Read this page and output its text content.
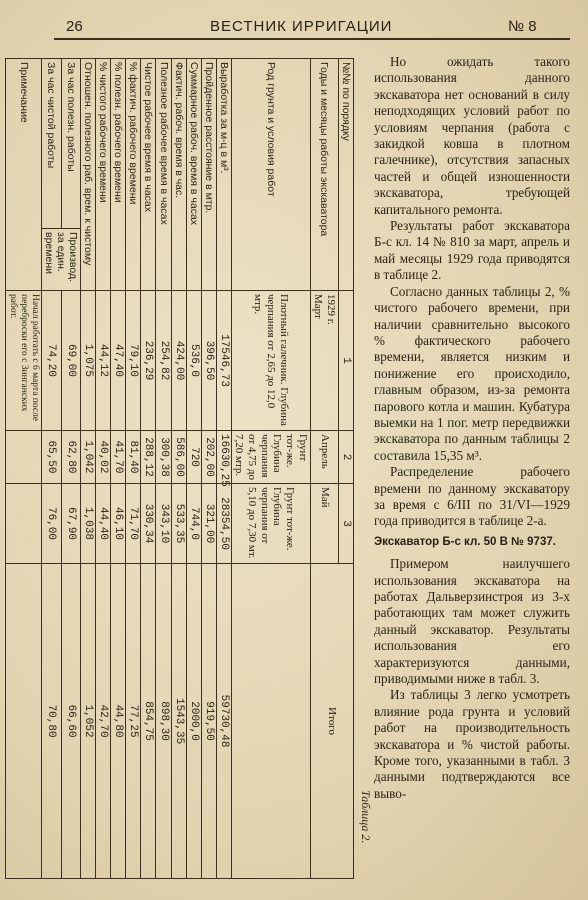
26	ВЕСТНИК ИРРИГАЦИИ	№ 8
№№ по порядку		1	2	3	Итого
Годы и месяцы работы экскаватора		1929 г.
Март	Апрель	Май	
Род грунта и условия работ		Плотный галечник. Глубина черпания от 2,65 до 12,0 мтр.	Грунт тот-же. Глубина черпания от 4,75 до 7,20 мтр.	Грунт тот-же. Глубина черпания от 5,10 до 7,30 мт.	
Выработка за м-ц в м³.		17546,73	16630,25	28354,50	59730,48
Пройденное расстояние в мтр.		396,50	202,00	321,00	919,50
Суммарное рабоч. время в часах		536,0	720	744,0	2000,0
Фактич. рабоч. время в час.		424,00	586,00	533,35	1543,35
Полезное рабочее время в часах		254,82	300,38	343,10	898,30
Чистое рабочее время в часах		236,29	288,12	330,34	854,75
% фактич. рабочего времени		79,10	81,40	71,70	77,25
% полезн. рабочего времени		47,40	41,70	46,10	44,80
% чистого рабочего времени		44,12	40,02	44,40	42,70
Отношен. полезного раб. врем. к чистому		1,075	1,042	1,038	1,052
За час полезн. работы	Производ. за един. времени	69,00	62,80	67,90	66,60
За час чистой работы		74,20	65,50	76,00	70,80
Примечание		Начал работать с 6 марта после переброски его с Зинганских работ.			
Таблица 2.

Но ожидать такого использования данного экскаватора нет оснований в силу неподходящих условий работ по условиям черпания (работа с закидкой ковша в плотном галечнике), отсутствия запасных частей и общей изношенности экскаватора, требующей капитального ремонта.

Результаты работ экскаватора Б-с кл. 14 № 810 за март, апрель и май месяцы 1929 года приводятся в таблице 2.

Согласно данных таблицы 2, % чистого рабочего времени, при наличии сравнительно высокого % фактического рабочего времени, является низким и понижение его происходило, главным образом, из-за ремонта парового котла и машин. Кубатура выемки на 1 пог. метр передвижки экскаватора по данным таблицы 2 составила 15,35 м³.

Распределение рабочего времени по данному экскаватору за время с 6/III по 31/VI—1929 года приводится в таблице 2-а.

Экскаватор Б-с кл. 50 В № 9737.

Примером наилучшего использования экскаватора на работах Дальверзинстроя из 3-х работающих там может служить данный экскаватор. Результаты использования его характеризуются данными, приводимыми ниже в табл. 3.

Из таблицы 3 легко усмотреть влияние рода грунта и условий работ на производительность экскаватора и % чистой работы. Кроме того, указанными в табл. 3 данными подтверждаются все выво-
